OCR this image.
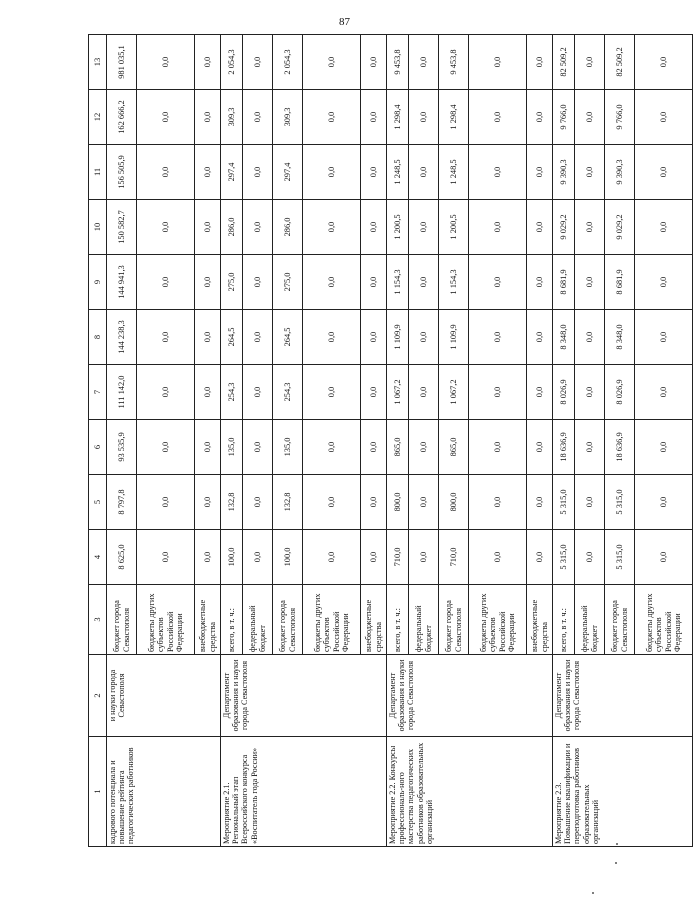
87
1	2	3	4	5	6	7	8	9	10	11	12	13
кадрового потенциала и повышение рейтинга педагогических работников	и науки города Севастополя	бюджет города Севастополя	8 625,0	8 797,8	93 535,9	111 142,0	144 238,3	144 941,3	150 582,7	156 505,9	162 666,2	981 035,1
		бюджеты других субъектов Российской Федерации	0,0	0,0	0,0	0,0	0,0	0,0	0,0	0,0	0,0	0,0
		внебюджетные средства	0,0	0,0	0,0	0,0	0,0	0,0	0,0	0,0	0,0	0,0
Мероприятие 2.1. Региональный этап Всероссийского конкурса «Воспитатель года России»	Департамент образования и науки города Севастополя	всего, в т. ч.:	100,0	132,8	135,0	254,3	264,5	275,0	286,0	297,4	309,3	2 054,3
		федеральный бюджет	0,0	0,0	0,0	0,0	0,0	0,0	0,0	0,0	0,0	0,0
		бюджет города Севастополя	100,0	132,8	135,0	254,3	264,5	275,0	286,0	297,4	309,3	2 054,3
		бюджеты других субъектов Российской Федерации	0,0	0,0	0,0	0,0	0,0	0,0	0,0	0,0	0,0	0,0
		внебюджетные средства	0,0	0,0	0,0	0,0	0,0	0,0	0,0	0,0	0,0	0,0
Мероприятие 2.2. Конкурсы профессиональ-ного мастерства педагогических работников образовательных организаций	Департамент образования и науки города Севастополя	всего, в т. ч.:	710,0	800,0	865,0	1 067,2	1 109,9	1 154,3	1 200,5	1 248,5	1 298,4	9 453,8
		федеральный бюджет	0,0	0,0	0,0	0,0	0,0	0,0	0,0	0,0	0,0	0,0
		бюджет города Севастополя	710,0	800,0	865,0	1 067,2	1 109,9	1 154,3	1 200,5	1 248,5	1 298,4	9 453,8
		бюджеты других субъектов Российской Федерации	0,0	0,0	0,0	0,0	0,0	0,0	0,0	0,0	0,0	0,0
		внебюджетные средства	0,0	0,0	0,0	0,0	0,0	0,0	0,0	0,0	0,0	0,0
Мероприятие 2.3. Повышение квалификации и переподготовка работников образовательных организаций	Департамент образования и науки города Севастополя	всего, в т. ч.:	5 315,0	5 315,0	18 636,9	8 026,9	8 348,0	8 681,9	9 029,2	9 390,3	9 766,0	82 509,2
		федеральный бюджет	0,0	0,0	0,0	0,0	0,0	0,0	0,0	0,0	0,0	0,0
		бюджет города Севастополя	5 315,0	5 315,0	18 636,9	8 026,9	8 348,0	8 681,9	9 029,2	9 390,3	9 766,0	82 509,2
		бюджеты других субъектов Российской Федерации	0,0	0,0	0,0	0,0	0,0	0,0	0,0	0,0	0,0	0,0
